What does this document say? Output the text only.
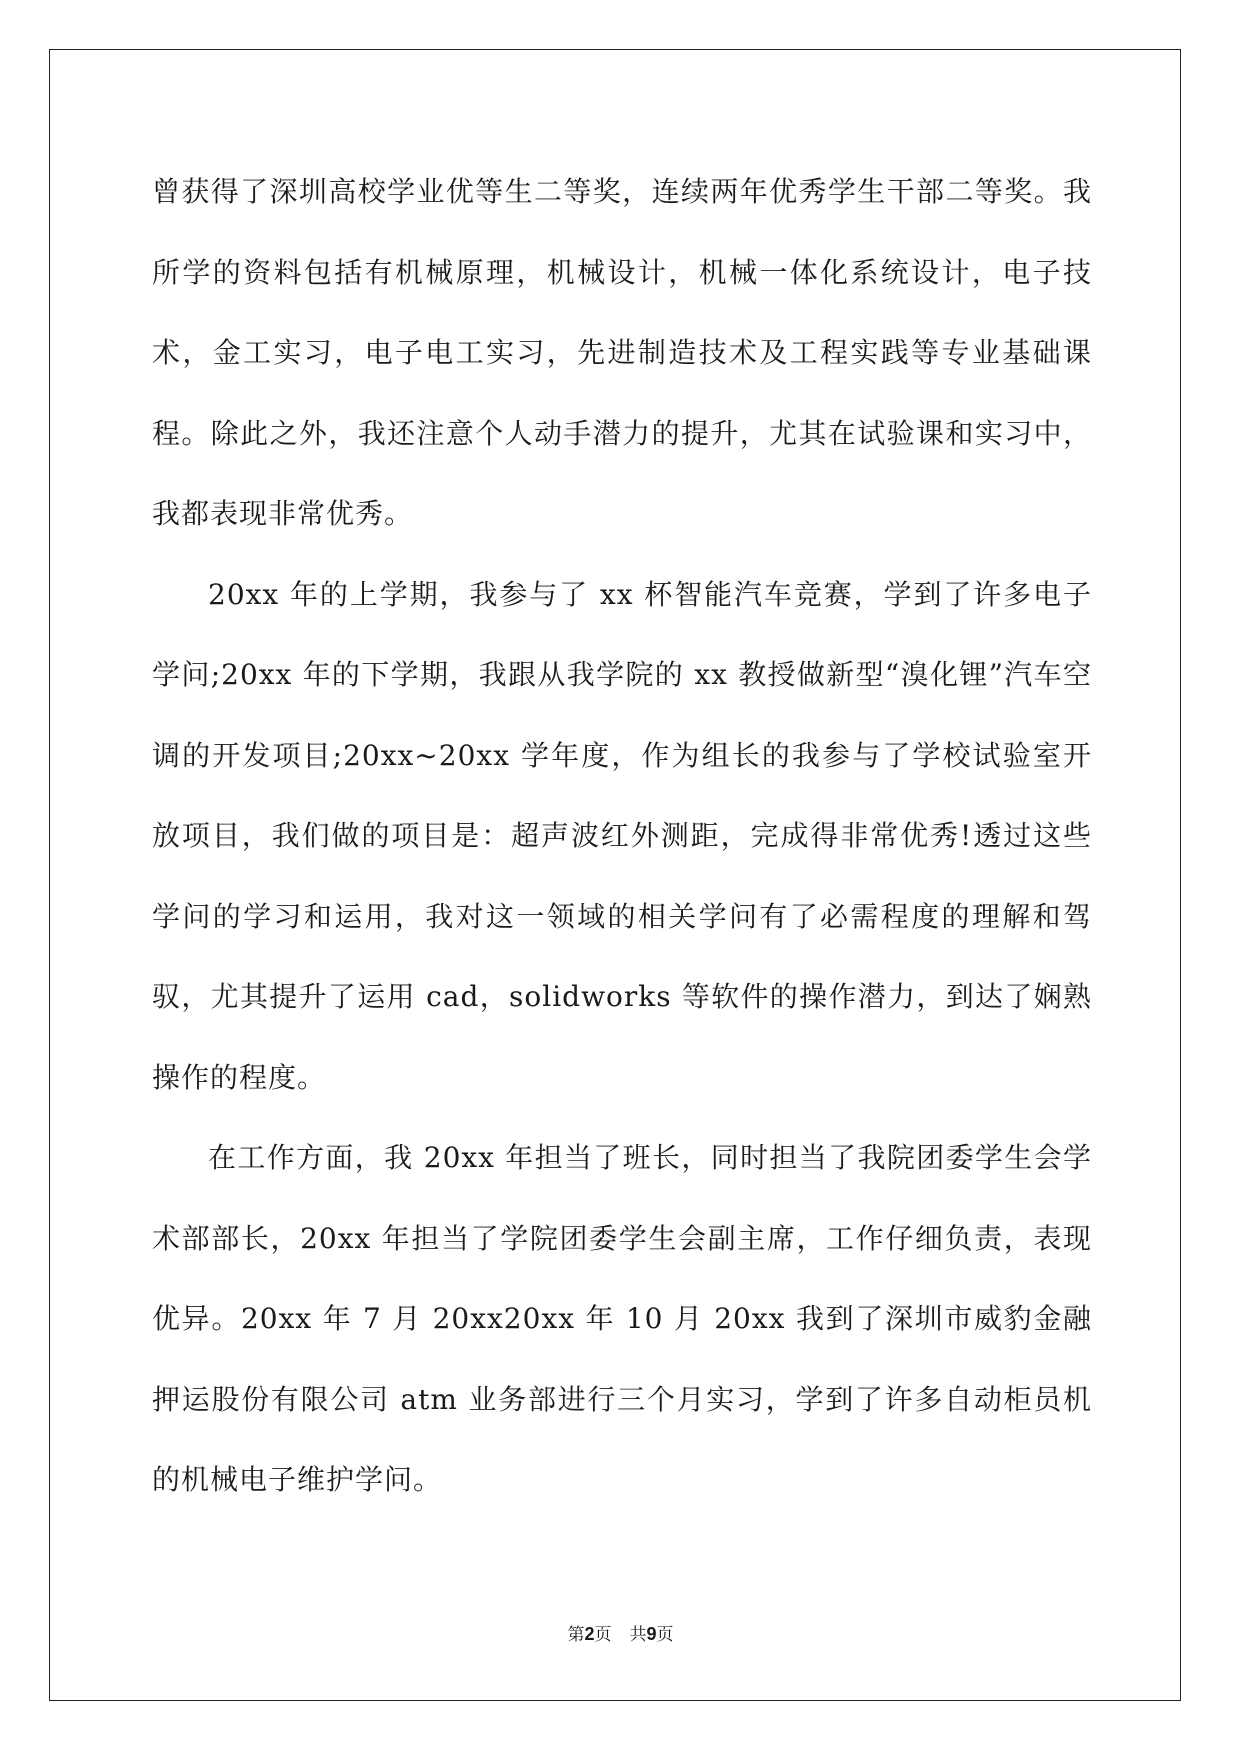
曾获得了深圳高校学业优等生二等奖，连续两年优秀学生干部二等奖。我所学的资料包括有机械原理，机械设计，机械一体化系统设计，电子技术，金工实习，电子电工实习，先进制造技术及工程实践等专业基础课程。除此之外，我还注意个人动手潜力的提升，尤其在试验课和实习中，我都表现非常优秀。

20xx 年的上学期，我参与了 xx 杯智能汽车竞赛，学到了许多电子学问;20xx 年的下学期，我跟从我学院的 xx 教授做新型“溴化锂”汽车空调的开发项目;20xx~20xx 学年度，作为组长的我参与了学校试验室开放项目，我们做的项目是：超声波红外测距，完成得非常优秀!透过这些学问的学习和运用，我对这一领域的相关学问有了必需程度的理解和驾驭，尤其提升了运用 cad，solidworks 等软件的操作潜力，到达了娴熟操作的程度。

在工作方面，我 20xx 年担当了班长，同时担当了我院团委学生会学术部部长，20xx 年担当了学院团委学生会副主席，工作仔细负责，表现优异。20xx 年 7 月 20xx20xx 年 10 月 20xx 我到了深圳市威豹金融押运股份有限公司 atm 业务部进行三个月实习，学到了许多自动柜员机的机械电子维护学问。

第2页 共9页
